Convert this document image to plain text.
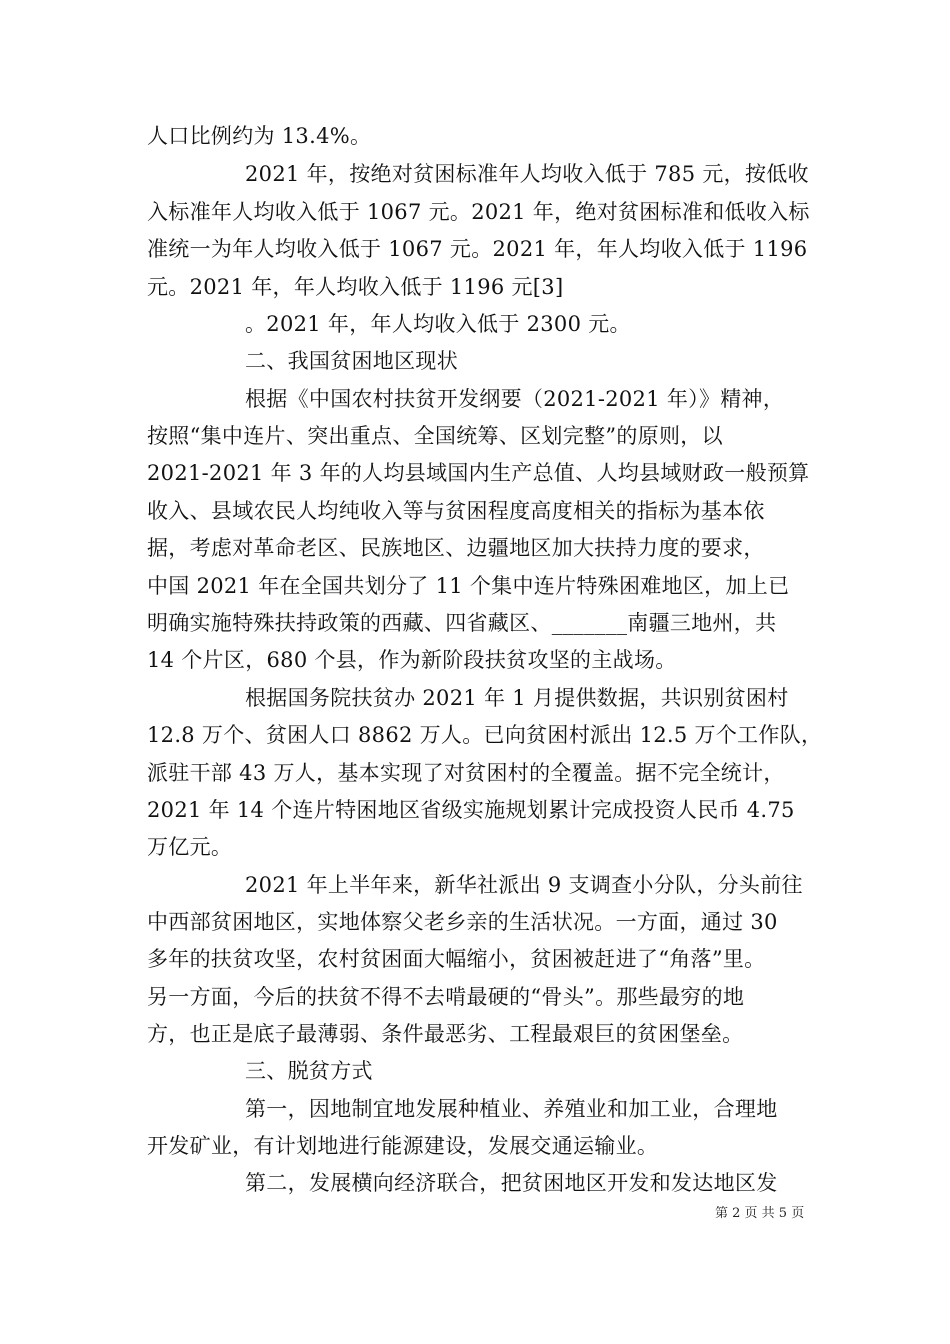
人口比例约为 13.4%。
2021 年，按绝对贫困标准年人均收入低于 785 元，按低收
入标准年人均收入低于 1067 元。2021 年，绝对贫困标准和低收入标
准统一为年人均收入低于 1067 元。2021 年，年人均收入低于 1196
元。2021 年，年人均收入低于 1196 元[3]
。2021 年，年人均收入低于 2300 元。
二、我国贫困地区现状
根据《中国农村扶贫开发纲要（2021-2021 年）》精神，
按照“集中连片、突出重点、全国统筹、区划完整”的原则，以
2021-2021 年 3 年的人均县域国内生产总值、人均县域财政一般预算
收入、县域农民人均纯收入等与贫困程度高度相关的指标为基本依
据，考虑对革命老区、民族地区、边疆地区加大扶持力度的要求，
中国 2021 年在全国共划分了 11 个集中连片特殊困难地区，加上已
明确实施特殊扶持政策的西藏、四省藏区、_______南疆三地州，共
14 个片区，680 个县，作为新阶段扶贫攻坚的主战场。
根据国务院扶贫办 2021 年 1 月提供数据，共识别贫困村
12.8 万个、贫困人口 8862 万人。已向贫困村派出 12.5 万个工作队，
派驻干部 43 万人，基本实现了对贫困村的全覆盖。据不完全统计，
2021 年 14 个连片特困地区省级实施规划累计完成投资人民币 4.75
万亿元。
2021 年上半年来，新华社派出 9 支调查小分队，分头前往
中西部贫困地区，实地体察父老乡亲的生活状况。一方面，通过 30
多年的扶贫攻坚，农村贫困面大幅缩小，贫困被赶进了“角落”里。
另一方面，今后的扶贫不得不去啃最硬的“骨头”。那些最穷的地
方，也正是底子最薄弱、条件最恶劣、工程最艰巨的贫困堡垒。
三、脱贫方式
第一，因地制宜地发展种植业、养殖业和加工业，合理地
开发矿业，有计划地进行能源建设，发展交通运输业。
第二，发展横向经济联合，把贫困地区开发和发达地区发
第 2 页 共 5 页
